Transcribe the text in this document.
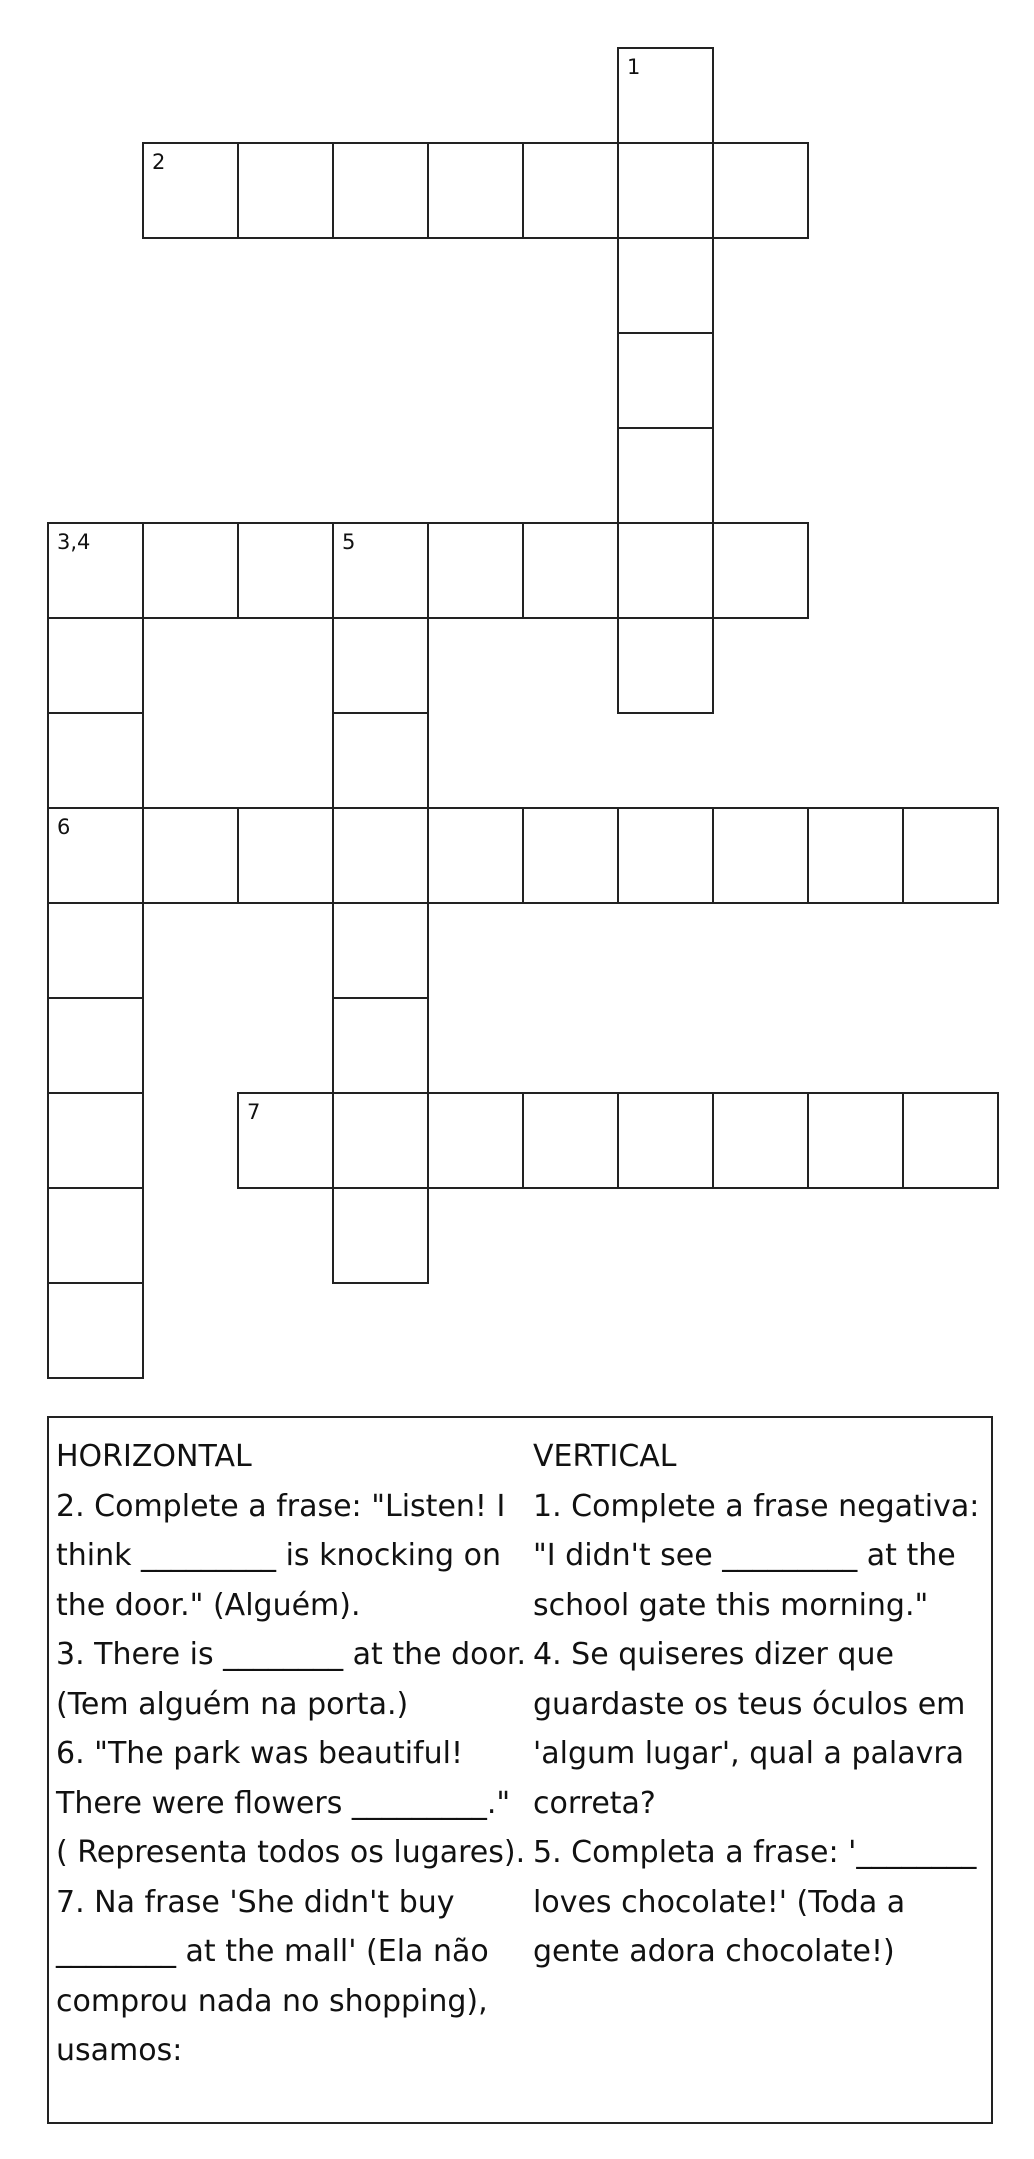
1
2
3,4	5
6
7

HORIZONTAL

2. Complete a frase: "Listen! I think _________ is knocking on the door." (Alguém).

3. There is ________ at the door.(Tem alguém na porta.)

6. "The park was beautiful! There were flowers _________." ( Representa todos os lugares).

7. Na frase 'She didn't buy ________ at the mall' (Ela não comprou nada no shopping), usamos:

VERTICAL

1. Complete a frase negativa: "I didn't see _________ at the school gate this morning."

4. Se quiseres dizer que guardaste os teus óculos em 'algum lugar', qual a palavra correta?

5. Completa a frase: '________ loves chocolate!' (Toda a gente adora chocolate!)
